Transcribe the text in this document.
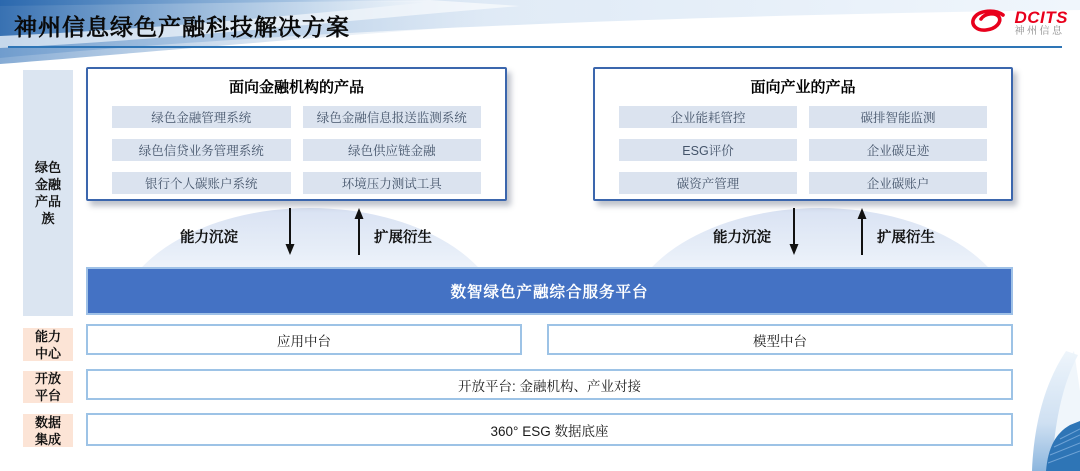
神州信息绿色产融科技解决方案	DCITS
神州信息
绿色金融产品族
能力中心
开放平台
数据集成
面向金融机构的产品
绿色金融管理系统	绿色金融信息报送监测系统
绿色信贷业务管理系统	绿色供应链金融
银行个人碳账户系统	环境压力测试工具
面向产业的产品
企业能耗管控	碳排智能监测
ESG评价	企业碳足迹
碳资产管理	企业碳账户
能力沉淀	扩展衍生	能力沉淀	扩展衍生
数智绿色产融综合服务平台
应用中台	模型中台
开放平台: 金融机构、产业对接
360° ESG 数据底座
